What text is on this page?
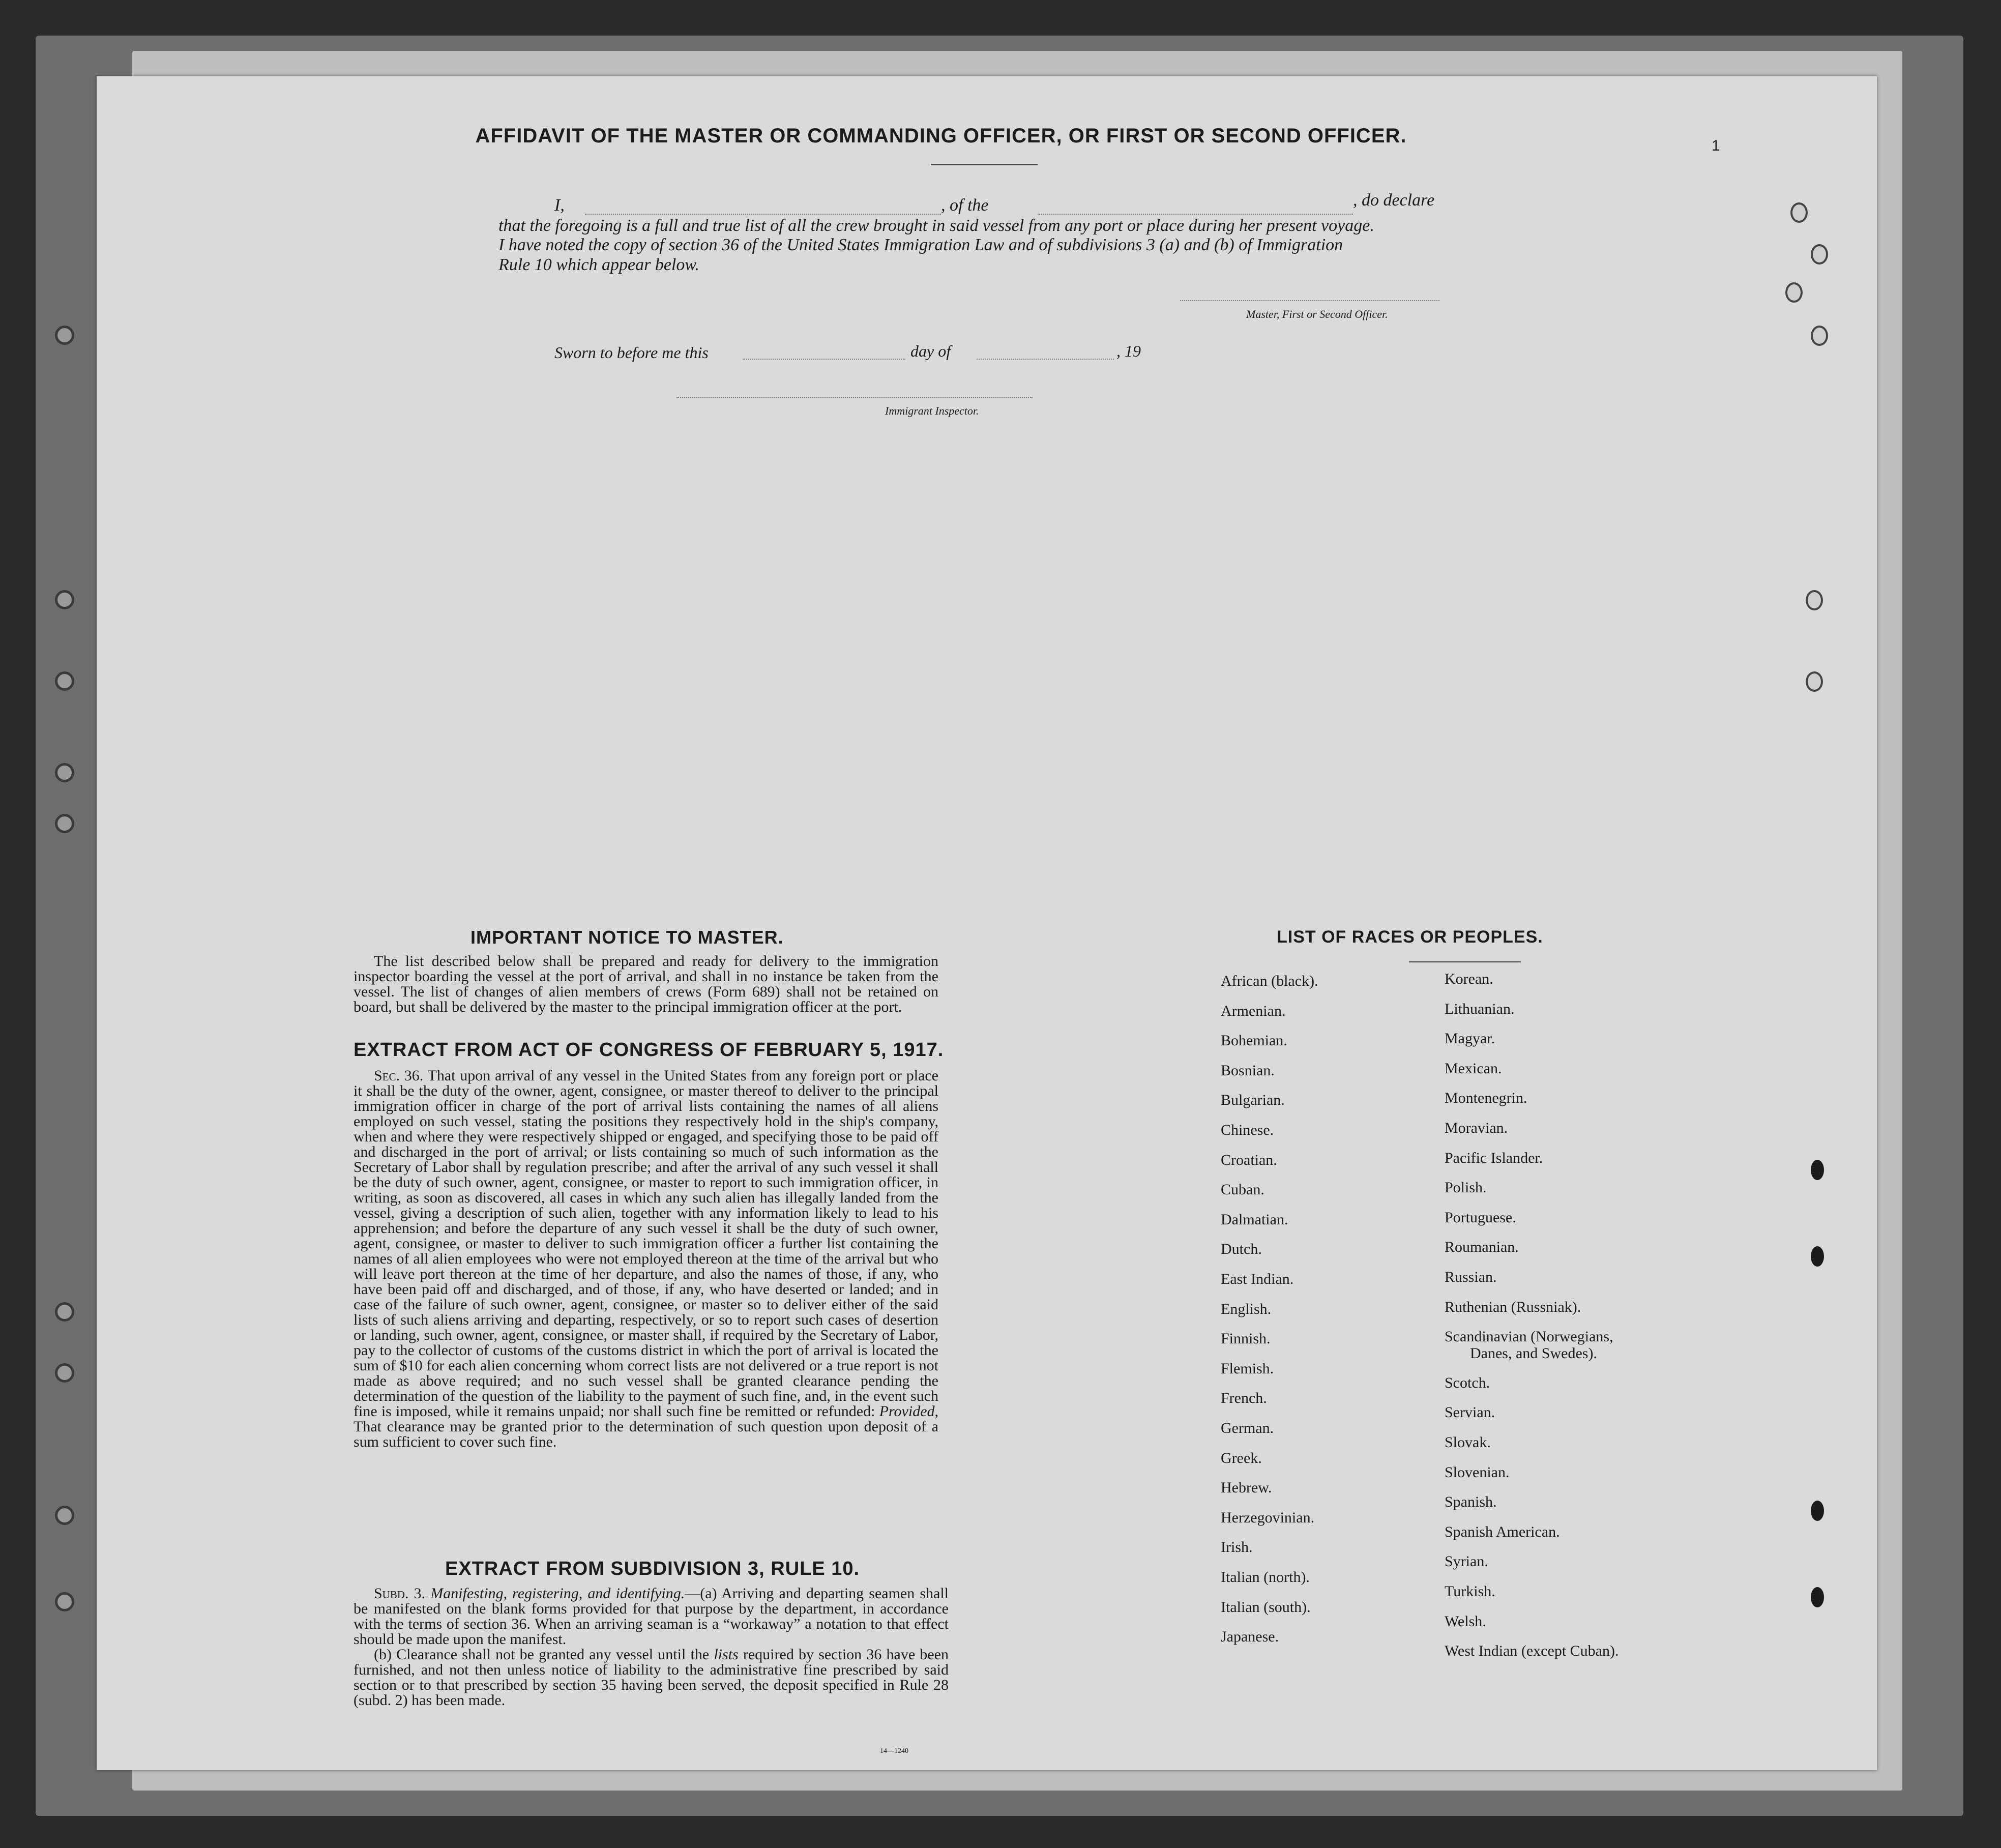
AFFIDAVIT OF THE MASTER OR COMMANDING OFFICER, OR FIRST OR SECOND OFFICER.	1
I,	, of the	, do declare
that the foregoing is a full and true list of all the crew brought in said vessel from any port or place during her present voyage.
I have noted the copy of section 36 of the United States Immigration Law and of subdivisions 3 (a) and (b) of Immigration
Rule 10 which appear below.
Master, First or Second Officer.
Sworn to before me this	day of	, 19
Immigrant Inspector.
IMPORTANT NOTICE TO MASTER.

The list described below shall be prepared and ready for delivery to the immigration inspector boarding the vessel at the port of arrival, and shall in no instance be taken from the vessel. The list of changes of alien members of crews (Form 689) shall not be retained on board, but shall be delivered by the master to the principal immigration officer at the port.

EXTRACT FROM ACT OF CONGRESS OF FEBRUARY 5, 1917.

Sec. 36. That upon arrival of any vessel in the United States from any foreign port or place it shall be the duty of the owner, agent, consignee, or master thereof to deliver to the principal immigration officer in charge of the port of arrival lists containing the names of all aliens employed on such vessel, stating the positions they respectively hold in the ship's company, when and where they were respectively shipped or engaged, and specifying those to be paid off and discharged in the port of arrival; or lists containing so much of such information as the Secretary of Labor shall by regulation prescribe; and after the arrival of any such vessel it shall be the duty of such owner, agent, consignee, or master to report to such immigration officer, in writing, as soon as discovered, all cases in which any such alien has illegally landed from the vessel, giving a description of such alien, together with any information likely to lead to his apprehension; and before the departure of any such vessel it shall be the duty of such owner, agent, consignee, or master to deliver to such immigration officer a further list containing the names of all alien employees who were not employed thereon at the time of the arrival but who will leave port thereon at the time of her departure, and also the names of those, if any, who have been paid off and discharged, and of those, if any, who have deserted or landed; and in case of the failure of such owner, agent, consignee, or master so to deliver either of the said lists of such aliens arriving and departing, respectively, or so to report such cases of desertion or landing, such owner, agent, consignee, or master shall, if required by the Secretary of Labor, pay to the collector of customs of the customs district in which the port of arrival is located the sum of $10 for each alien concerning whom correct lists are not delivered or a true report is not made as above required; and no such vessel shall be granted clearance pending the determination of the question of the liability to the payment of such fine, and, in the event such fine is imposed, while it remains unpaid; nor shall such fine be remitted or refunded: Provided, That clearance may be granted prior to the determination of such question upon deposit of a sum sufficient to cover such fine.

EXTRACT FROM SUBDIVISION 3, RULE 10.

Subd. 3. Manifesting, registering, and identifying.—(a) Arriving and departing seamen shall be manifested on the blank forms provided for that purpose by the department, in accordance with the terms of section 36. When an arriving seaman is a “workaway” a notation to that effect should be made upon the manifest.

(b) Clearance shall not be granted any vessel until the lists required by section 36 have been furnished, and not then unless notice of liability to the administrative fine prescribed by said section or to that prescribed by section 35 having been served, the deposit specified in Rule 28 (subd. 2) has been made.

14—1240
LIST OF RACES OR PEOPLES.
African (black).
Armenian.
Bohemian.
Bosnian.
Bulgarian.
Chinese.
Croatian.
Cuban.
Dalmatian.
Dutch.
East Indian.
English.
Finnish.
Flemish.
French.
German.
Greek.
Hebrew.
Herzegovinian.
Irish.
Italian (north).
Italian (south).
Japanese.
Korean.
Lithuanian.
Magyar.
Mexican.
Montenegrin.
Moravian.
Pacific Islander.
Polish.
Portuguese.
Roumanian.
Russian.
Ruthenian (Russniak).
Scandinavian (Norwegians,
Danes, and Swedes).
Scotch.
Servian.
Slovak.
Slovenian.
Spanish.
Spanish American.
Syrian.
Turkish.
Welsh.
West Indian (except Cuban).
